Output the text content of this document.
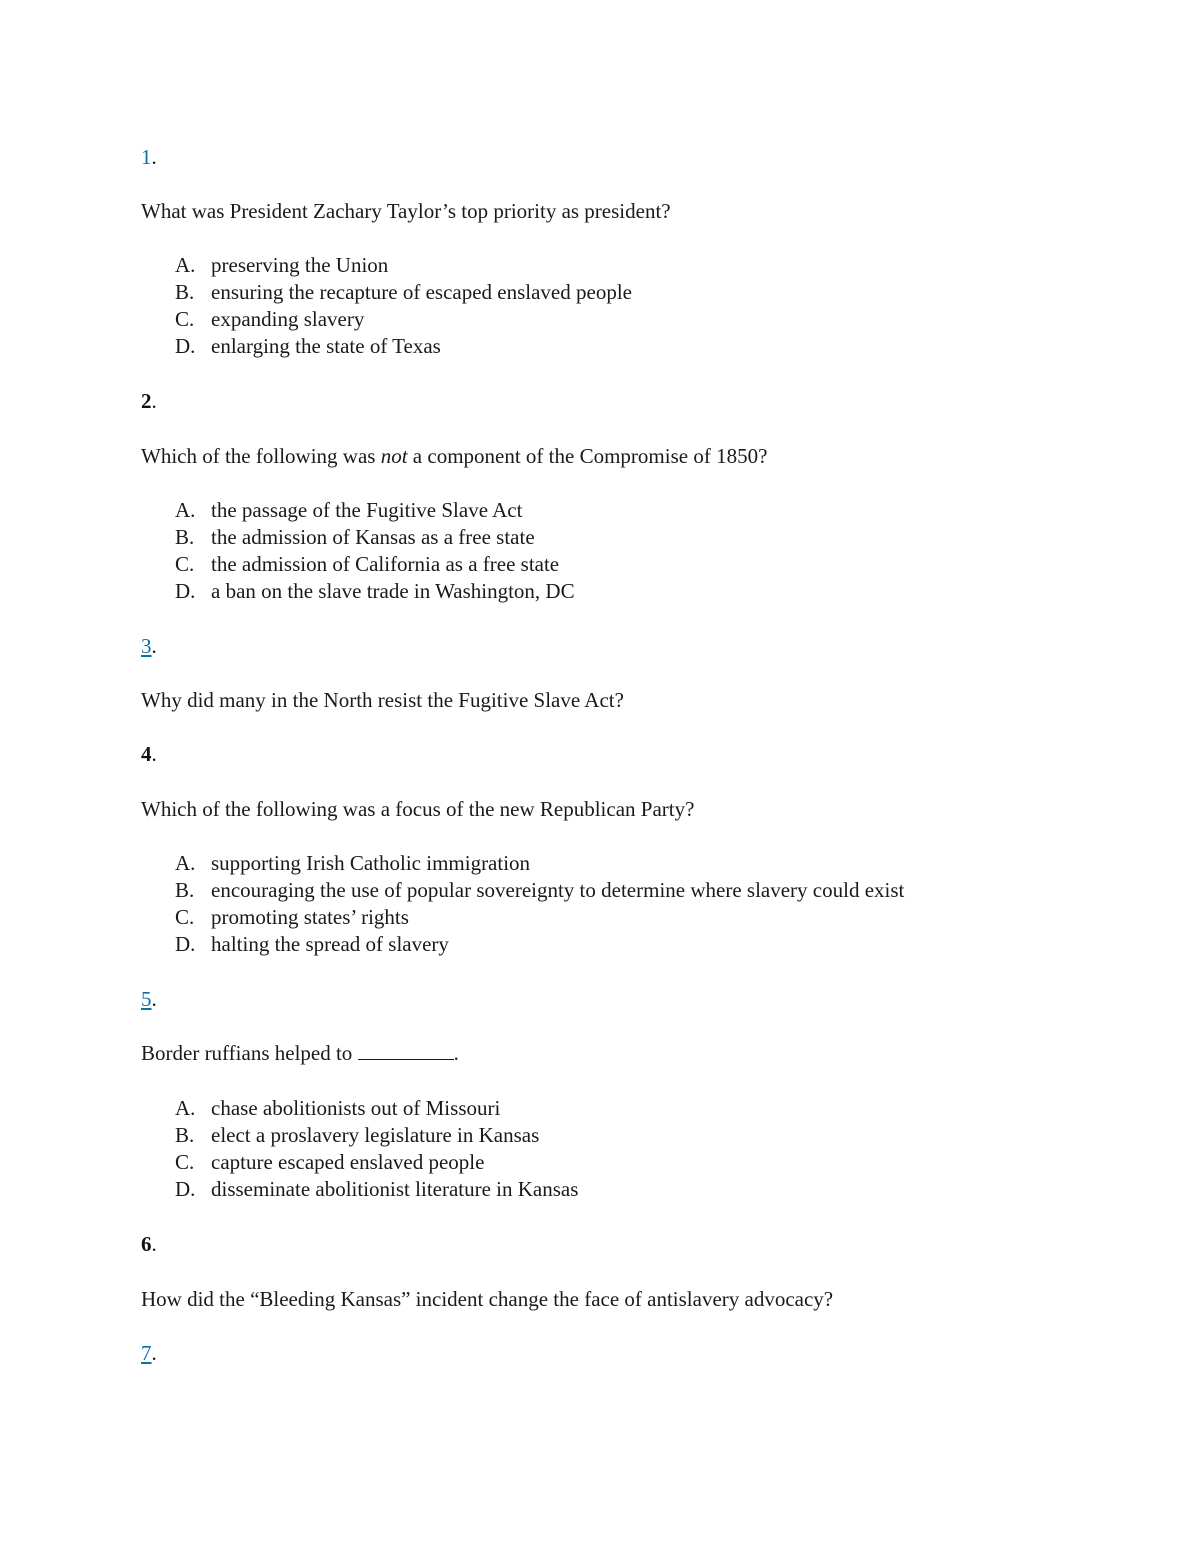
1.
What was President Zachary Taylor’s top priority as president?
A. preserving the Union
B. ensuring the recapture of escaped enslaved people
C. expanding slavery
D. enlarging the state of Texas
2.
Which of the following was not a component of the Compromise of 1850?
A. the passage of the Fugitive Slave Act
B. the admission of Kansas as a free state
C. the admission of California as a free state
D. a ban on the slave trade in Washington, DC
3.
Why did many in the North resist the Fugitive Slave Act?
4.
Which of the following was a focus of the new Republican Party?
A. supporting Irish Catholic immigration
B. encouraging the use of popular sovereignty to determine where slavery could exist
C. promoting states’ rights
D. halting the spread of slavery
5.
Border ruffians helped to	.
A. chase abolitionists out of Missouri
B. elect a proslavery legislature in Kansas
C. capture escaped enslaved people
D. disseminate abolitionist literature in Kansas
6.
How did the “Bleeding Kansas” incident change the face of antislavery advocacy?
7.
